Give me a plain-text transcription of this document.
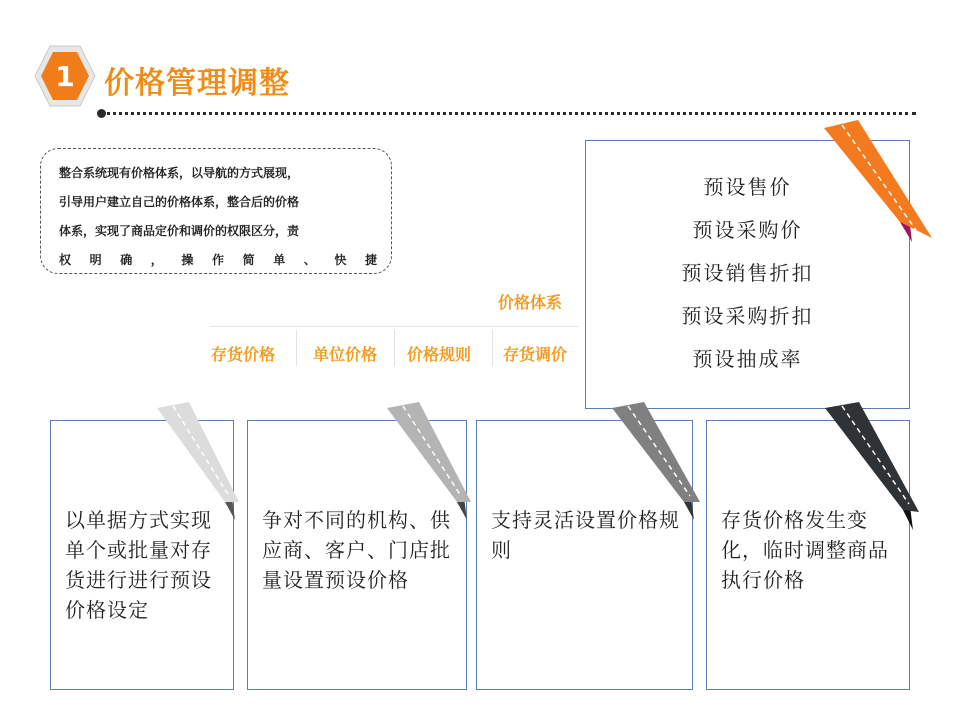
1 价格管理调整
整合系统现有价格体系，以导航的方式展现，
引导用户建立自己的价格体系，整合后的价格
体系，实现了商品定价和调价的权限区分，责
权明确，操作简单、快捷
价格体系
存货价格 单位价格 价格规则 存货调价
预设售价
预设采购价
预设销售折扣
预设采购折扣
预设抽成率
以单据方式实现单个或批量对存货进行进行预设价格设定
争对不同的机构、供应商、客户、门店批量设置预设价格
支持灵活设置价格规则
存货价格发生变化，临时调整商品执行价格
